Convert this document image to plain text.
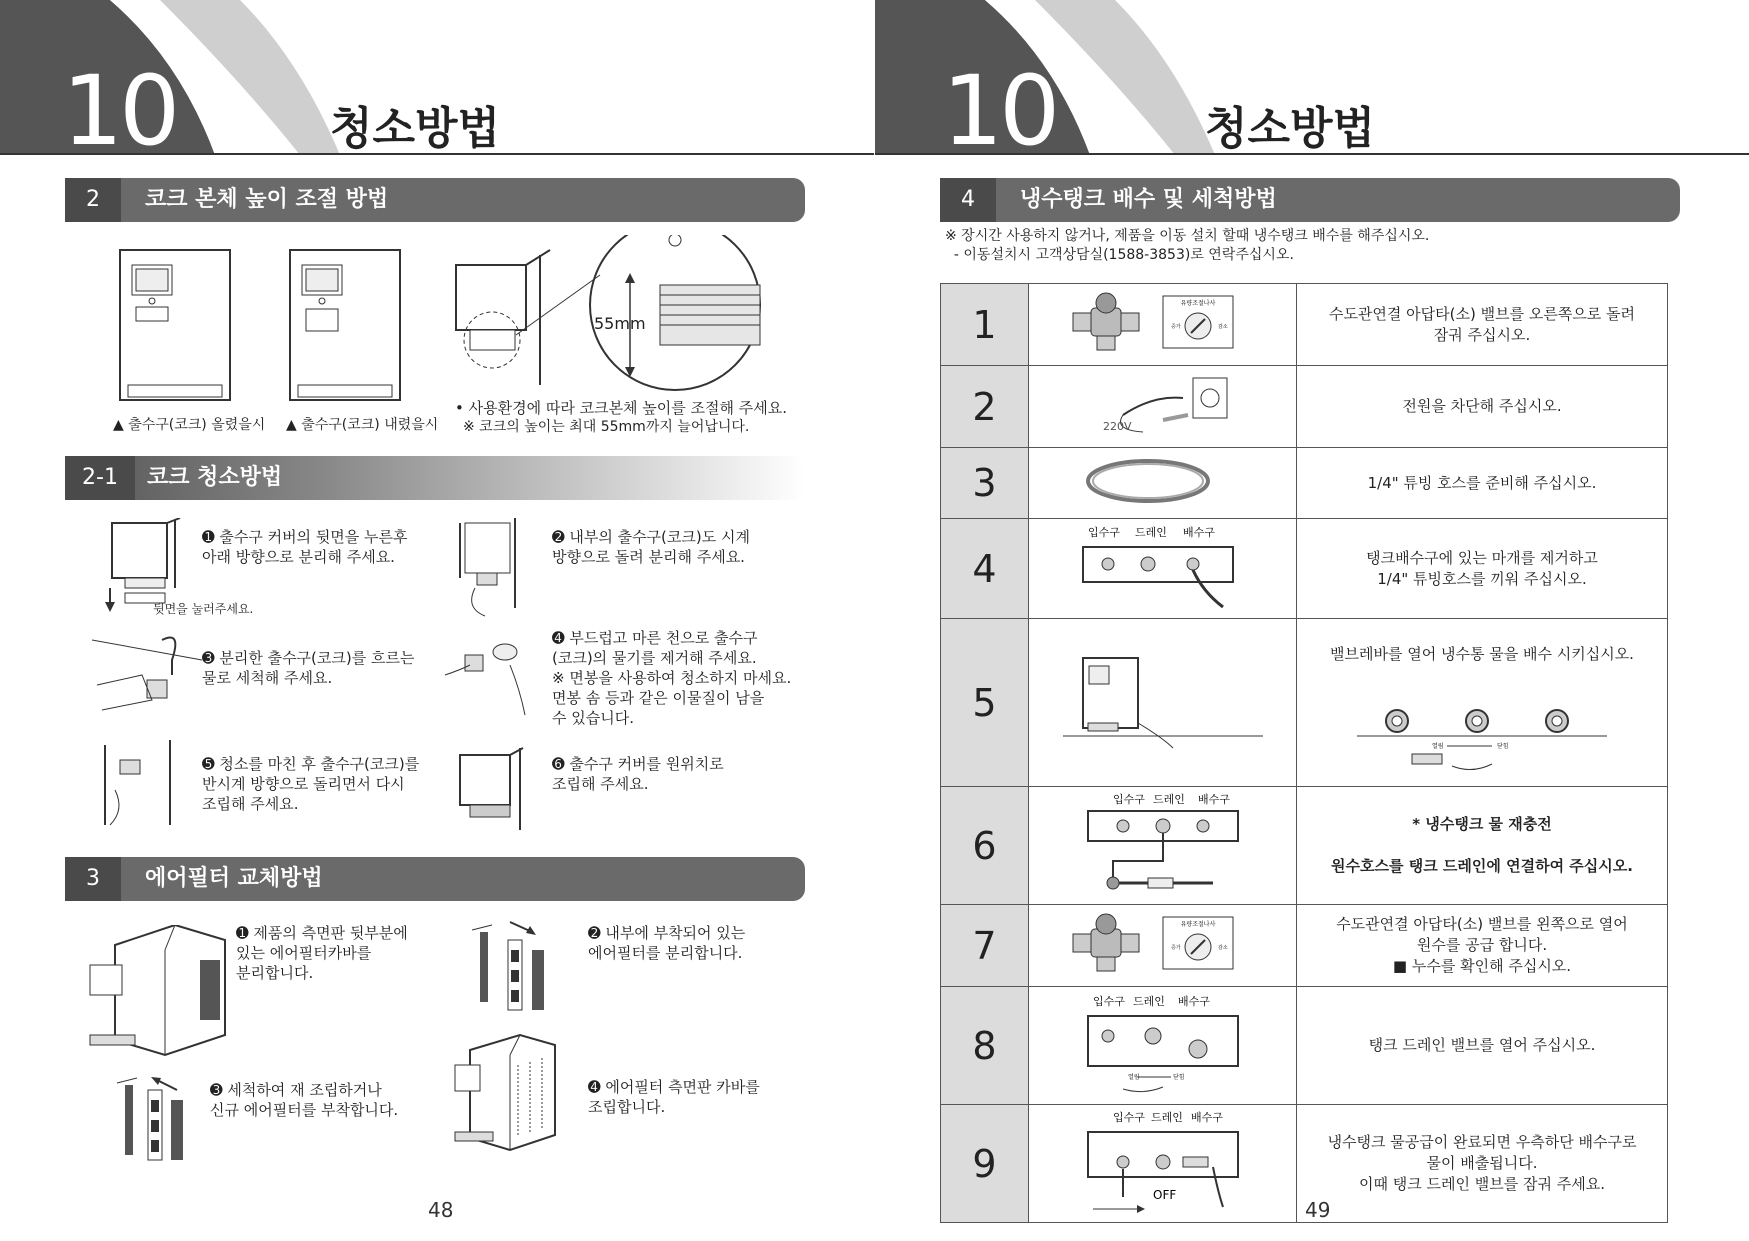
10	청소방법
2	코크 본체 높이 조절 방법
▲ 출수구(코크) 올렸을시 ▲ 출수구(코크) 내렸을시
55mm
• 사용환경에 따라 코크본체 높이를 조절해 주세요.
※ 코크의 높이는 최대 55mm까지 늘어납니다.
2-1	코크 청소방법
뒷면을 눌러주세요.
➊ 출수구 커버의 뒷면을 누른후
아래 방향으로 분리해 주세요.
➋ 내부의 출수구(코크)도 시계
방향으로 돌려 분리해 주세요.
➌ 분리한 출수구(코크)를 흐르는
물로 세척해 주세요.
➍ 부드럽고 마른 천으로 출수구
(코크)의 물기를 제거해 주세요.
※ 면봉을 사용하여 청소하지 마세요.
면봉 솜 등과 같은 이물질이 남을
수 있습니다.
➎ 청소를 마친 후 출수구(코크)를
반시계 방향으로 돌리면서 다시
조립해 주세요.
➏ 출수구 커버를 원위치로
조립해 주세요.
3	에어필터 교체방법
➊ 제품의 측면판 뒷부분에
있는 에어필터카바를
분리합니다.
➋ 내부에 부착되어 있는
에어필터를 분리합니다.
➌ 세척하여 재 조립하거나
신규 에어필터를 부착합니다.
➍ 에어필터 측면판 카바를
조립합니다.
48
10	청소방법
4	냉수탱크 배수 및 세척방법
※ 장시간 사용하지 않거나, 제품을 이동 설치 할때 냉수탱크 배수를 해주십시오.
- 이동설치시 고객상담실(1588-3853)로 연락주십시오.
1	유량조절나사
증가 감소	수도관연결 아답타(소) 밸브를 오른쪽으로 돌려
잠궈 주십시오.
2	220V	전원을 차단해 주십시오.
3		1/4" 튜빙 호스를 준비해 주십시오.
4	입수구 드레인 배수구	탱크배수구에 있는 마개를 제거하고
1/4" 튜빙호스를 끼워 주십시오.
5		밸브레바를 열어 냉수통 물을 배수 시키십시오.

열림 닫힘

6	입수구 드레인 배수구	* 냉수탱크 물 재충전

원수호스를 탱크 드레인에 연결하여 주십시오.
7	유량조절나사
증가 감소	수도관연결 아답타(소) 밸브를 왼쪽으로 열어
원수를 공급 합니다.
■ 누수를 확인해 주십시오.
8	입수구 드레인 배수구
열림 닫힘	탱크 드레인 밸브를 열어 주십시오.
9	입수구 드레인 배수구
OFF	냉수탱크 물공급이 완료되면 우측하단 배수구로
물이 배출됩니다.
이때 탱크 드레인 밸브를 잠궈 주세요.
49
